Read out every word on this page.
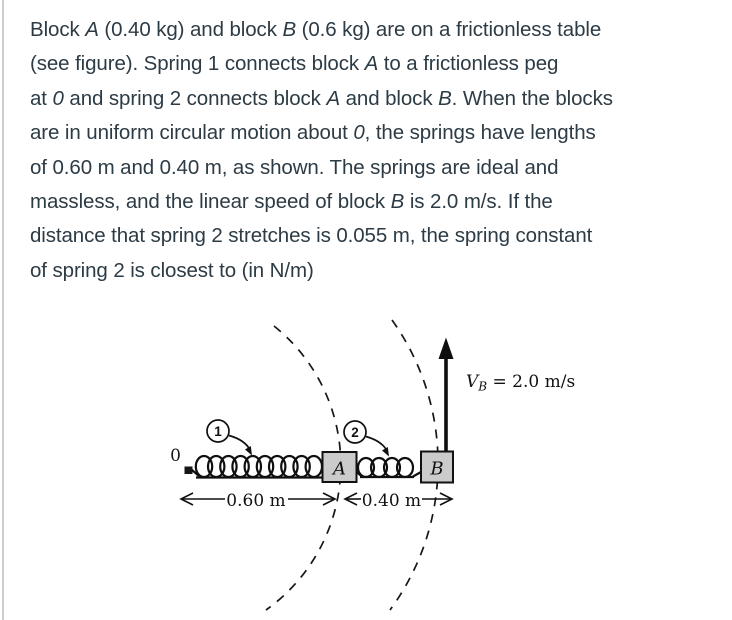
Block A (0.40 kg) and block B (0.6 kg) are on a frictionless table
(see figure). Spring 1 connects block A to a frictionless peg
at 0 and spring 2 connects block A and block B. When the blocks
are in uniform circular motion about 0, the springs have lengths
of 0.60 m and 0.40 m, as shown. The springs are ideal and
massless, and the linear speed of block B is 2.0 m/s. If the
distance that spring 2 stretches is 0.055 m, the spring constant
of spring 2 is closest to (in N/m)
0
A	B
$V_B = 2.0$ m/s
1	2
0.60 m	0.40 m
